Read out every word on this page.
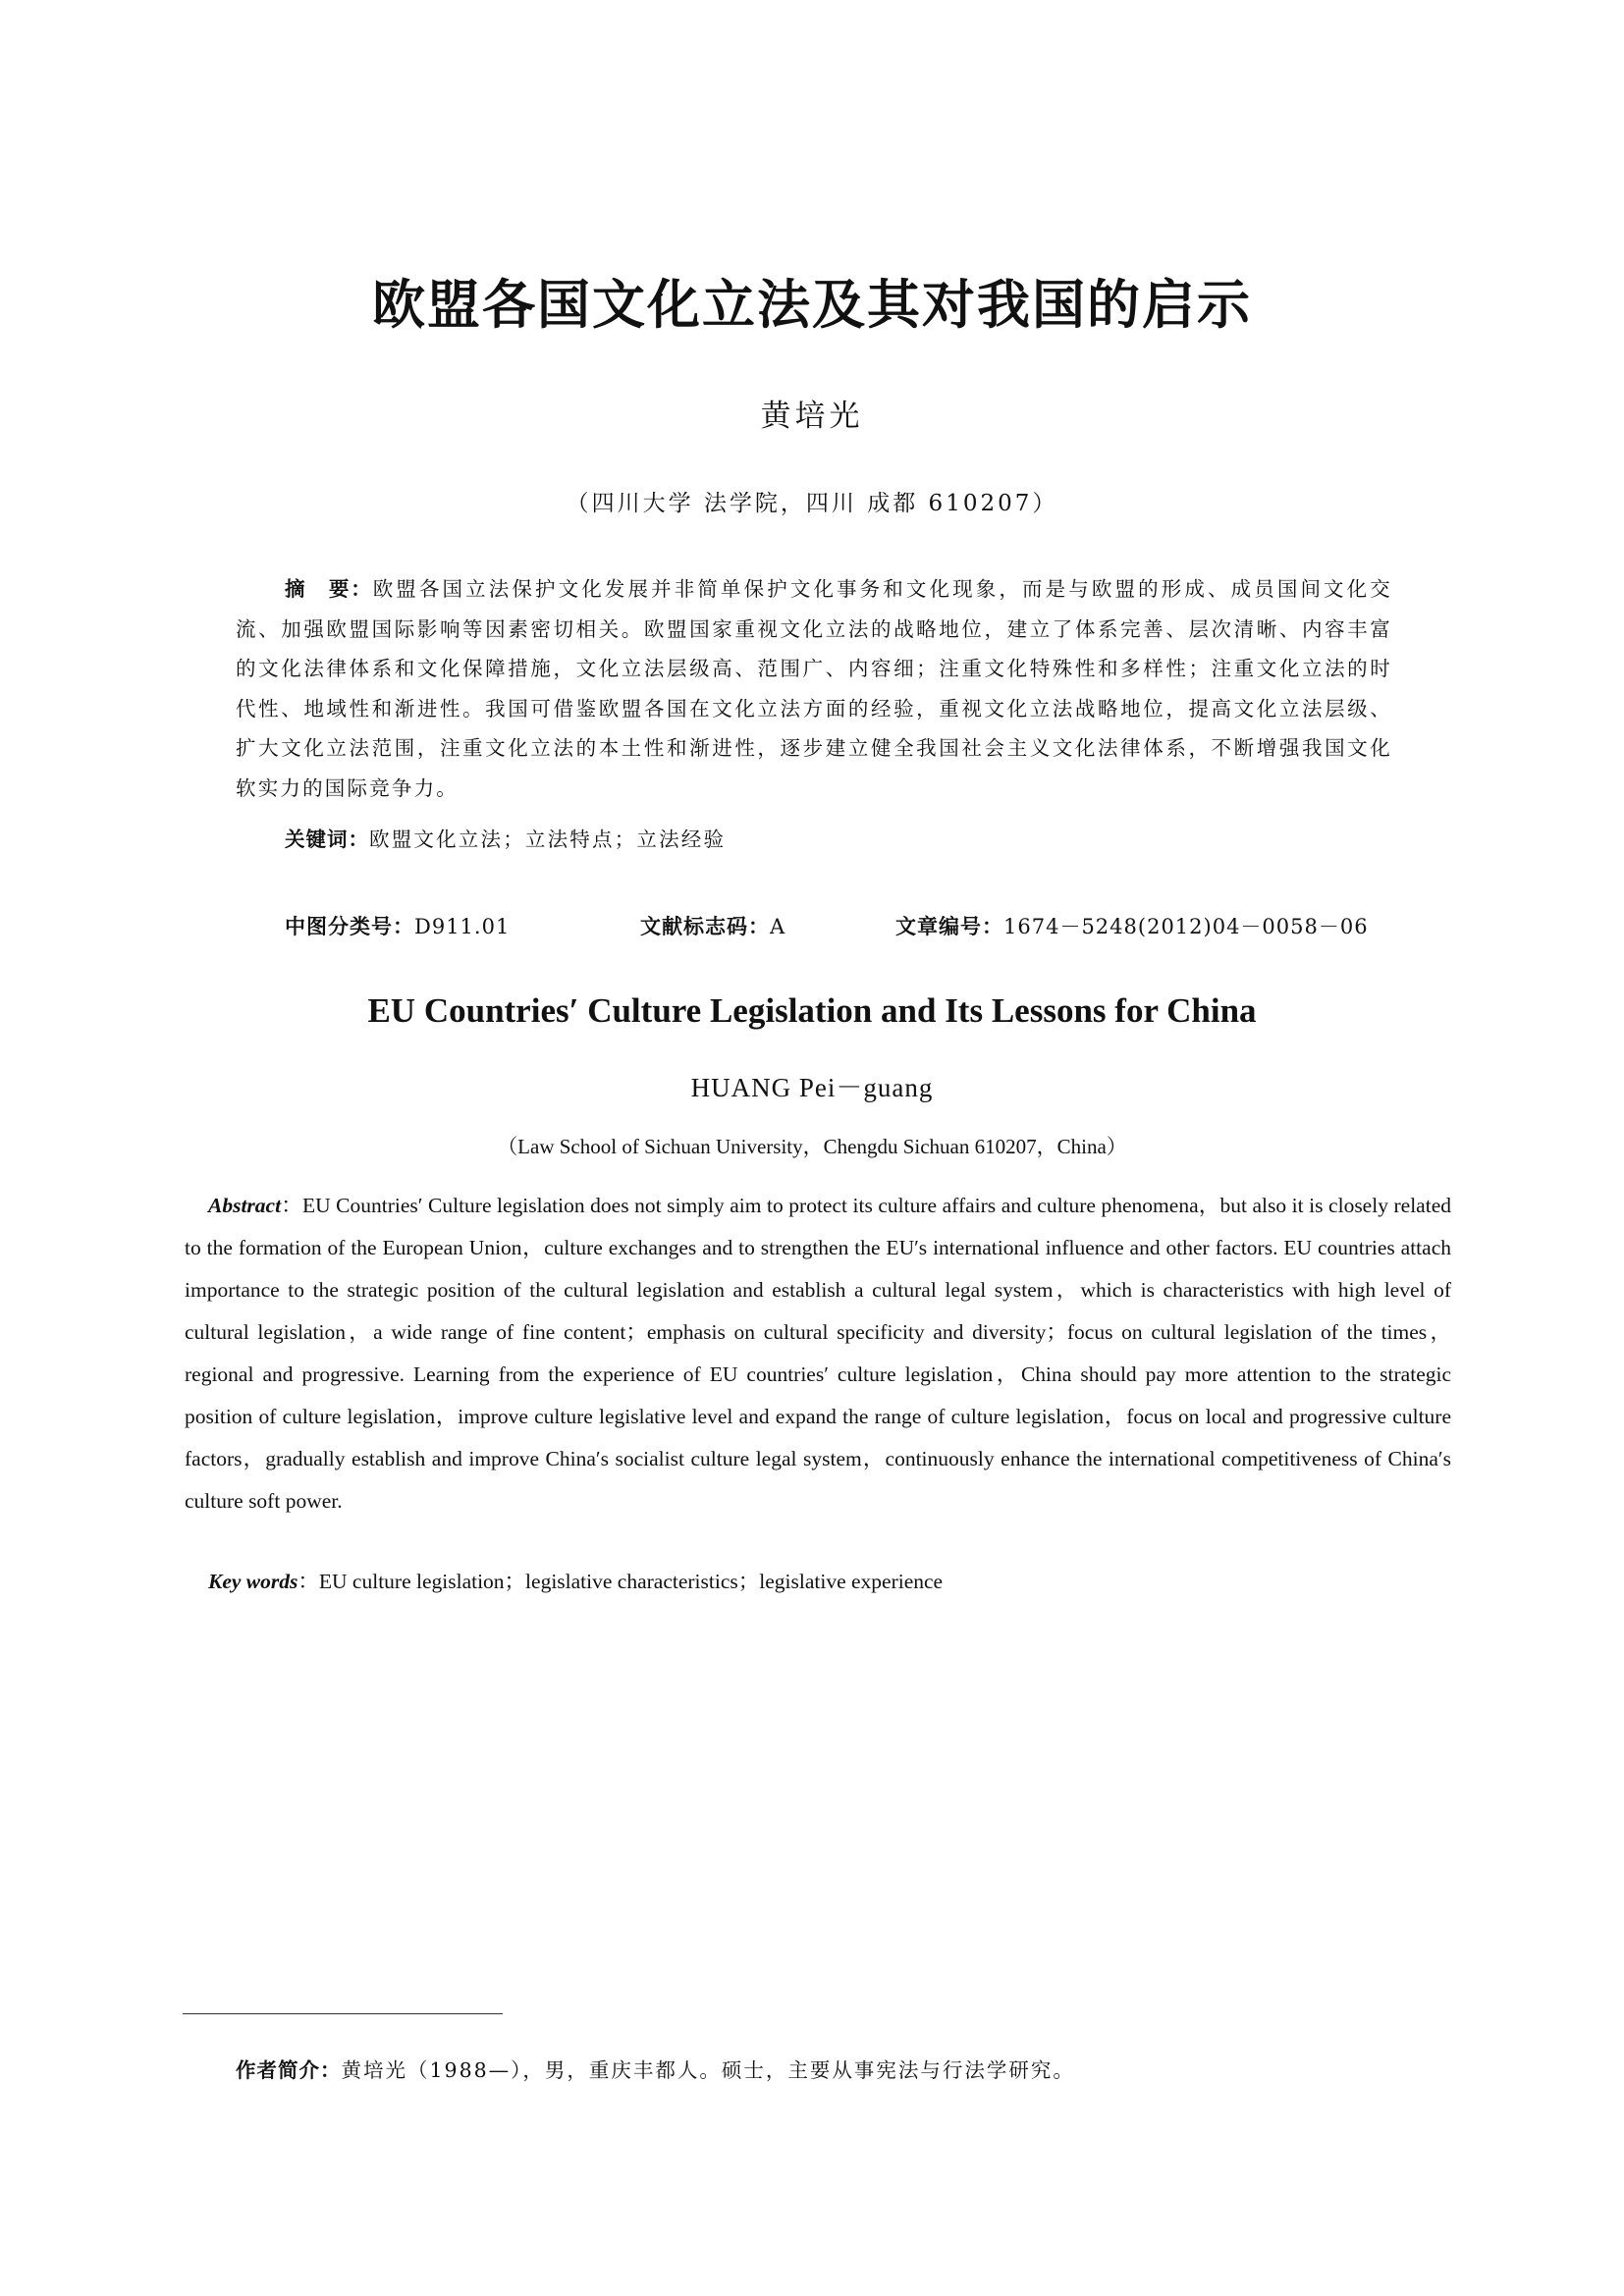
欧盟各国文化立法及其对我国的启示
黄培光
（四川大学 法学院，四川 成都 610207）

摘　要：欧盟各国立法保护文化发展并非简单保护文化事务和文化现象，而是与欧盟的形成、成员国间文化交流、加强欧盟国际影响等因素密切相关。欧盟国家重视文化立法的战略地位，建立了体系完善、层次清晰、内容丰富的文化法律体系和文化保障措施，文化立法层级高、范围广、内容细；注重文化特殊性和多样性；注重文化立法的时代性、地域性和渐进性。我国可借鉴欧盟各国在文化立法方面的经验，重视文化立法战略地位，提高文化立法层级、扩大文化立法范围，注重文化立法的本土性和渐进性，逐步建立健全我国社会主义文化法律体系，不断增强我国文化软实力的国际竞争力。

关键词：欧盟文化立法；立法特点；立法经验
中图分类号：D911.01	文献标志码：A	文章编号：1674－5248(2012)04－0058－06
EU Countries′ Culture Legislation and Its Lessons for China
HUANG Pei－guang
（Law School of Sichuan University，Chengdu Sichuan 610207，China）

Abstract：EU Countries′ Culture legislation does not simply aim to protect its culture affairs and culture phenomena，but also it is closely related to the formation of the European Union，culture exchanges and to strengthen the EU′s international influence and other factors. EU countries attach importance to the strategic position of the cultural legislation and establish a cultural legal system，which is characteristics with high level of cultural legislation，a wide range of fine content；emphasis on cultural specificity and diversity；focus on cultural legislation of the times，regional and progressive. Learning from the experience of EU countries′ culture legislation，China should pay more attention to the strategic position of culture legislation，improve culture legislative level and expand the range of culture legislation，focus on local and progressive culture factors，gradually establish and improve China′s socialist culture legal system，continuously enhance the international competitiveness of China′s culture soft power.

Key words：EU culture legislation；legislative characteristics；legislative experience
作者简介：黄培光（1988—），男，重庆丰都人。硕士，主要从事宪法与行法学研究。
